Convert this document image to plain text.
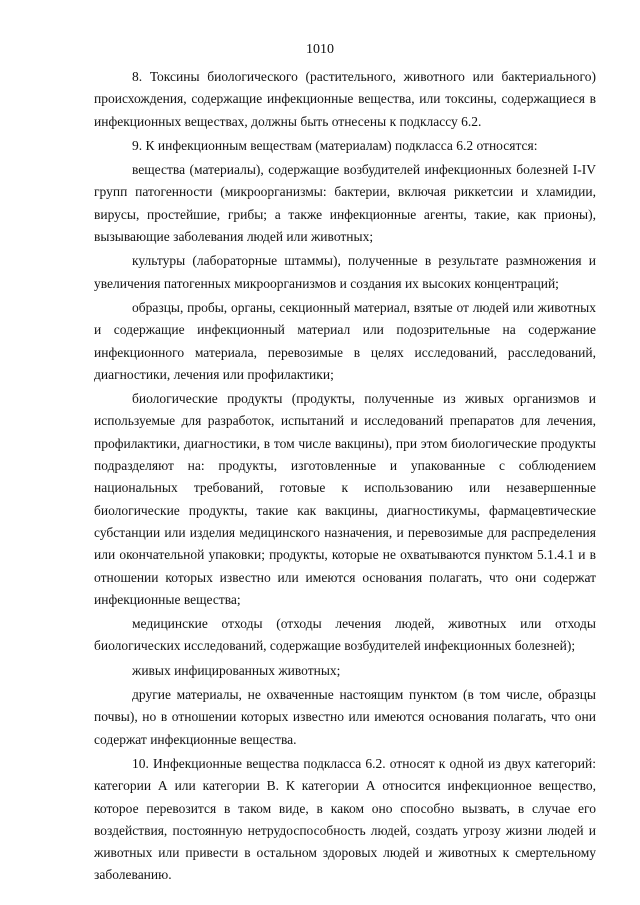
1010

8. Токсины биологического (растительного, животного или бактериального) происхождения, содержащие инфекционные вещества, или токсины, содержащиеся в инфекционных веществах, должны быть отнесены к подклассу 6.2.

9. К инфекционным веществам (материалам) подкласса 6.2 относятся:

вещества (материалы), содержащие возбудителей инфекционных болезней I-IV групп патогенности (микроорганизмы: бактерии, включая риккетсии и хламидии, вирусы, простейшие, грибы; а также инфекционные агенты, такие, как прионы), вызывающие заболевания людей или животных;

культуры (лабораторные штаммы), полученные в результате размножения и увеличения патогенных микроорганизмов и создания их высоких концентраций;

образцы, пробы, органы, секционный материал, взятые от людей или животных и содержащие инфекционный материал или подозрительные на содержание инфекционного материала, перевозимые в целях исследований, расследований, диагностики, лечения или профилактики;

биологические продукты (продукты, полученные из живых организмов и используемые для разработок, испытаний и исследований препаратов для лечения, профилактики, диагностики, в том числе вакцины), при этом биологические продукты подразделяют на: продукты, изготовленные и упакованные с соблюдением национальных требований, готовые к использованию или незавершенные биологические продукты, такие как вакцины, диагностикумы, фармацевтические субстанции или изделия медицинского назначения, и перевозимые для распределения или окончательной упаковки; продукты, которые не охватываются пунктом 5.1.4.1 и в отношении которых известно или имеются основания полагать, что они содержат инфекционные вещества;

медицинские отходы (отходы лечения людей, животных или отходы биологических исследований, содержащие возбудителей инфекционных болезней);

живых инфицированных животных;

другие материалы, не охваченные настоящим пунктом (в том числе, образцы почвы), но в отношении которых известно или имеются основания полагать, что они содержат инфекционные вещества.

10. Инфекционные вещества подкласса 6.2. относят к одной из двух категорий: категории А или категории В. К категории А относится инфекционное вещество, которое перевозится в таком виде, в каком оно способно вызвать, в случае его воздействия, постоянную нетрудоспособность людей, создать угрозу жизни людей и животных или привести в остальном здоровых людей и животных к смертельному заболеванию.
